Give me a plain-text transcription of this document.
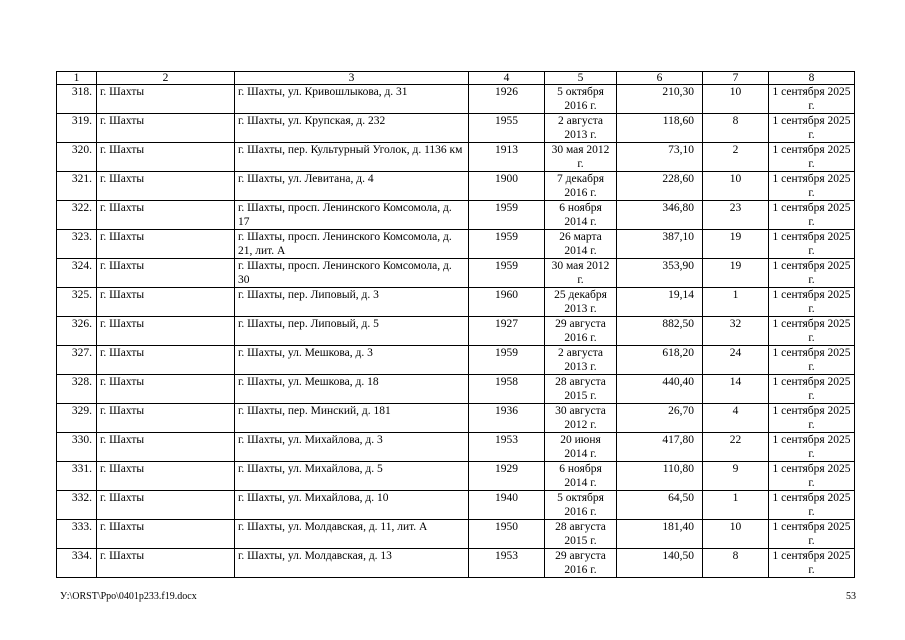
1	2	3	4	5	6	7	8
318.	г. Шахты	г. Шахты, ул. Кривошлыкова, д. 31	1926	5 октября 2016 г.	210,30	10	1 сентября 2025 г.
319.	г. Шахты	г. Шахты, ул. Крупская, д. 232	1955	2 августа 2013 г.	118,60	8	1 сентября 2025 г.
320.	г. Шахты	г. Шахты, пер. Культурный Уголок, д. 1136 км	1913	30 мая 2012 г.	73,10	2	1 сентября 2025 г.
321.	г. Шахты	г. Шахты, ул. Левитана, д. 4	1900	7 декабря 2016 г.	228,60	10	1 сентября 2025 г.
322.	г. Шахты	г. Шахты, просп. Ленинского Комсомола, д. 17	1959	6 ноября 2014 г.	346,80	23	1 сентября 2025 г.
323.	г. Шахты	г. Шахты, просп. Ленинского Комсомола, д. 21, лит. А	1959	26 марта 2014 г.	387,10	19	1 сентября 2025 г.
324.	г. Шахты	г. Шахты, просп. Ленинского Комсомола, д. 30	1959	30 мая 2012 г.	353,90	19	1 сентября 2025 г.
325.	г. Шахты	г. Шахты, пер. Липовый, д. 3	1960	25 декабря 2013 г.	19,14	1	1 сентября 2025 г.
326.	г. Шахты	г. Шахты, пер. Липовый, д. 5	1927	29 августа 2016 г.	882,50	32	1 сентября 2025 г.
327.	г. Шахты	г. Шахты, ул. Мешкова, д. 3	1959	2 августа 2013 г.	618,20	24	1 сентября 2025 г.
328.	г. Шахты	г. Шахты, ул. Мешкова, д. 18	1958	28 августа 2015 г.	440,40	14	1 сентября 2025 г.
329.	г. Шахты	г. Шахты, пер. Минский, д. 181	1936	30 августа 2012 г.	26,70	4	1 сентября 2025 г.
330.	г. Шахты	г. Шахты, ул. Михайлова, д. 3	1953	20 июня 2014 г.	417,80	22	1 сентября 2025 г.
331.	г. Шахты	г. Шахты, ул. Михайлова, д. 5	1929	6 ноября 2014 г.	110,80	9	1 сентября 2025 г.
332.	г. Шахты	г. Шахты, ул. Михайлова, д. 10	1940	5 октября 2016 г.	64,50	1	1 сентября 2025 г.
333.	г. Шахты	г. Шахты, ул. Молдавская, д. 11, лит. А	1950	28 августа 2015 г.	181,40	10	1 сентября 2025 г.
334.	г. Шахты	г. Шахты, ул. Молдавская, д. 13	1953	29 августа 2016 г.	140,50	8	1 сентября 2025 г.
У:\ORST\Ppo\0401p233.f19.docx	53
